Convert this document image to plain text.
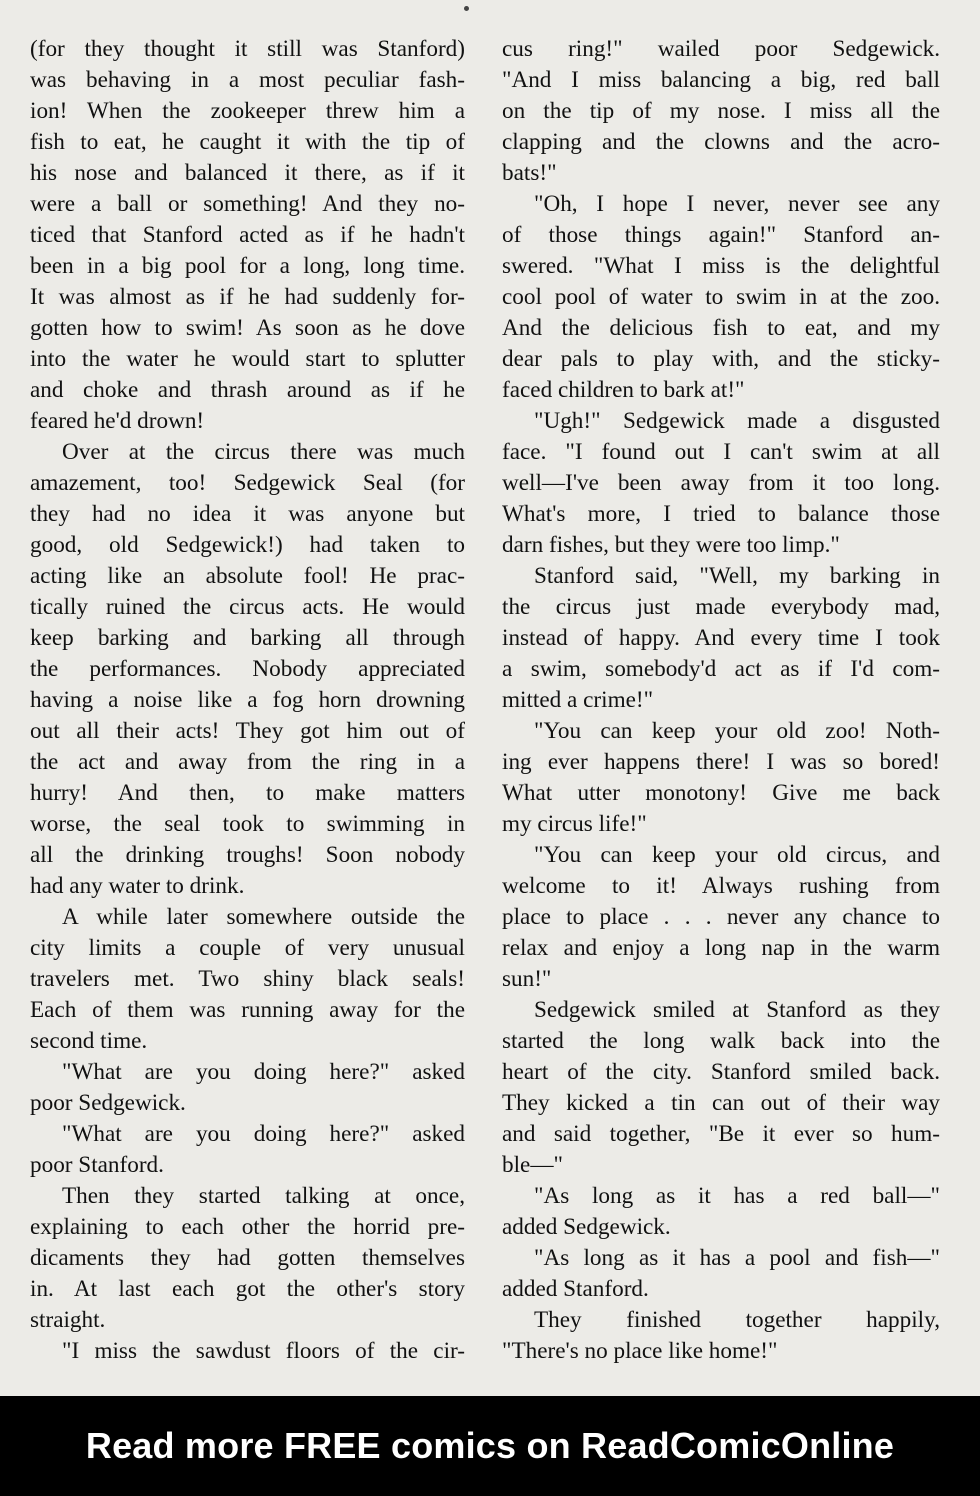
(for they thought it still was Stanford)
was behaving in a most peculiar fash-
ion! When the zookeeper threw him a
fish to eat, he caught it with the tip of
his nose and balanced it there, as if it
were a ball or something! And they no-
ticed that Stanford acted as if he hadn't
been in a big pool for a long, long time.
It was almost as if he had suddenly for-
gotten how to swim! As soon as he dove
into the water he would start to splutter
and choke and thrash around as if he
feared he'd drown!
Over at the circus there was much
amazement, too! Sedgewick Seal (for
they had no idea it was anyone but
good, old Sedgewick!) had taken to
acting like an absolute fool! He prac-
tically ruined the circus acts. He would
keep barking and barking all through
the performances. Nobody appreciated
having a noise like a fog horn drowning
out all their acts! They got him out of
the act and away from the ring in a
hurry! And then, to make matters
worse, the seal took to swimming in
all the drinking troughs! Soon nobody
had any water to drink.
A while later somewhere outside the
city limits a couple of very unusual
travelers met. Two shiny black seals!
Each of them was running away for the
second time.
"What are you doing here?" asked
poor Sedgewick.
"What are you doing here?" asked
poor Stanford.
Then they started talking at once,
explaining to each other the horrid pre-
dicaments they had gotten themselves
in. At last each got the other's story
straight.
"I miss the sawdust floors of the cir-
cus ring!" wailed poor Sedgewick.
"And I miss balancing a big, red ball
on the tip of my nose. I miss all the
clapping and the clowns and the acro-
bats!"
"Oh, I hope I never, never see any
of those things again!" Stanford an-
swered. "What I miss is the delightful
cool pool of water to swim in at the zoo.
And the delicious fish to eat, and my
dear pals to play with, and the sticky-
faced children to bark at!"
"Ugh!" Sedgewick made a disgusted
face. "I found out I can't swim at all
well—I've been away from it too long.
What's more, I tried to balance those
darn fishes, but they were too limp."
Stanford said, "Well, my barking in
the circus just made everybody mad,
instead of happy. And every time I took
a swim, somebody'd act as if I'd com-
mitted a crime!"
"You can keep your old zoo! Noth-
ing ever happens there! I was so bored!
What utter monotony! Give me back
my circus life!"
"You can keep your old circus, and
welcome to it! Always rushing from
place to place . . . never any chance to
relax and enjoy a long nap in the warm
sun!"
Sedgewick smiled at Stanford as they
started the long walk back into the
heart of the city. Stanford smiled back.
They kicked a tin can out of their way
and said together, "Be it ever so hum-
ble—"
"As long as it has a red ball—"
added Sedgewick.
"As long as it has a pool and fish—"
added Stanford.
They finished together happily,
"There's no place like home!"
Read more FREE comics on ReadComicOnline
